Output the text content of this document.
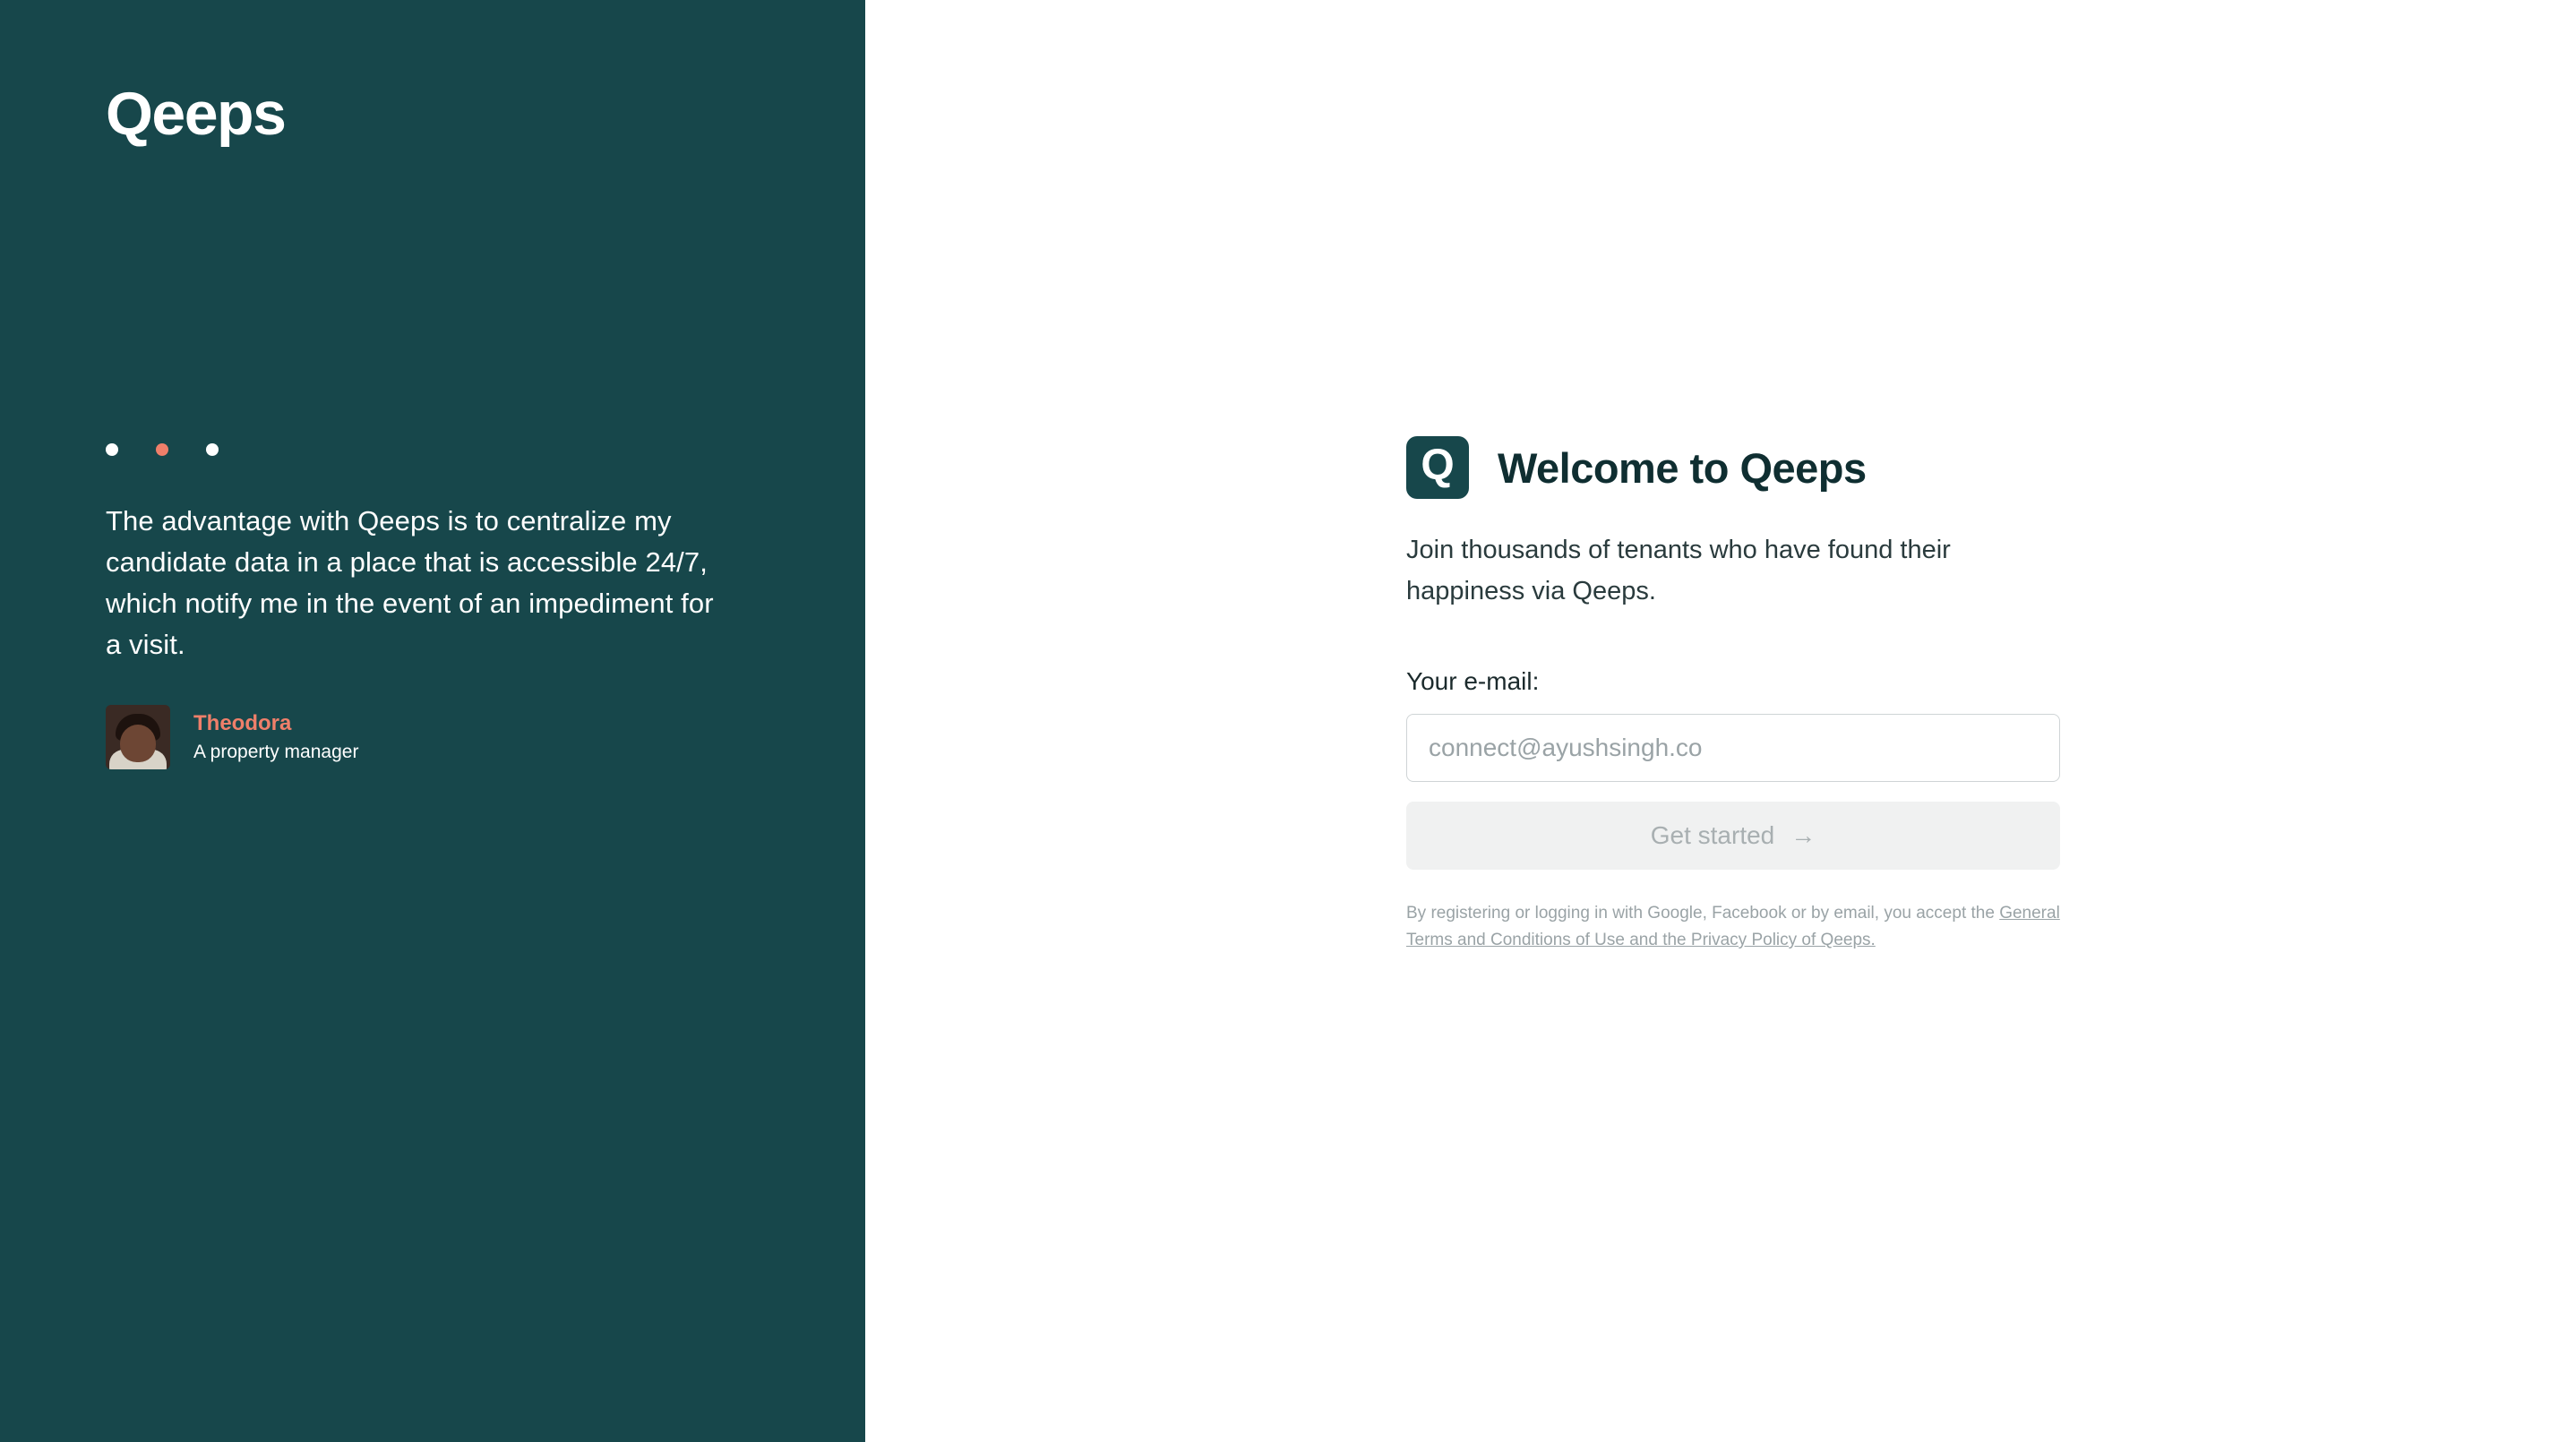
Qeeps
The advantage with Qeeps is to centralize my candidate data in a place that is accessible 24/7, which notify me in the event of an impediment for a visit.
Theodora
A property manager
Q Welcome to Qeeps
Join thousands of tenants who have found their happiness via Qeeps.
Your e-mail:
connect@ayushsingh.co
Get started →
By registering or logging in with Google, Facebook or by email, you accept the General Terms and Conditions of Use and the Privacy Policy of Qeeps.
